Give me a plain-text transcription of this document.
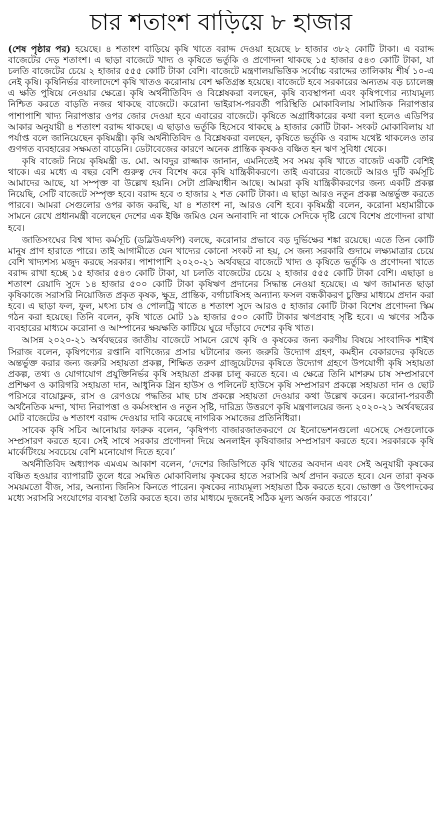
চার শতাংশ বাড়িয়ে ৮ হাজার

(শেষ পৃষ্ঠার পর) হয়েছে। ৪ শতাংশ বাড়িয়ে কৃষি খাতে বরাদ্দ দেওয়া হয়েছে ৮ হাজার ৩৮২ কোটি টাকা। এ বরাদ্দ বাজেটের দেড় শতাংশ। এ ছাড়া বাজেটে খাদ্য ও কৃষিতে ভর্তুকি ও প্রণোদনা থাকছে ১৫ হাজার ৫৪৩ কোটি টাকা, যা চলতি বাজেটের চেয়ে ২ হাজার ৫৫৫ কোটি টাকা বেশি। বাজেটে মন্ত্রণালয়ভিত্তিক সর্বোচ্চ বরাদ্দের তালিকায় শীর্ষ ১০-এ নেই কৃষি। কৃষিনির্ভর বাংলাদেশে কৃষি খাতও করোনায় বেশ ক্ষতিগ্রস্ত হয়েছে। বাজেটে হবে সরকারের অন্যতম বড় চ্যালেঞ্জ এ ক্ষতি পুষিয়ে নেওয়ার ক্ষেত্রে। কৃষি অর্থনীতিবিদ ও বিশ্লেষকরা বলছেন, কৃষি ব্যবস্থাপনা এবং কৃষিপণ্যের ন্যায্যমূল্য নিশ্চিত করতে বাড়তি নজর থাকছে বাজেটে। করোনা ভাইরাস-পরবর্তী পরিস্থিতি মোকাবিলায় সামাজিক নিরাপত্তার পাশাপাশি খাদ্য নিরাপত্তার ওপর জোর দেওয়া হবে এবারের বাজেটে। কৃষিতে অগ্রাধিকারের কথা বলা হলেও এডিপির আকার অনুযায়ী ৪ শতাংশ বরাদ্দ থাকছে। এ ছাড়াও ভর্তুকি হিসেবে থাকছে ৯ হাজার কোটি টাকা- সংকট মোকাবিলায় যা পর্যাপ্ত বলে জানিয়েছেন কৃষিমন্ত্রী। কৃষি অর্থনীতিবিদ ও বিশ্লেষকরা বলছেন, কৃষিতে ভর্তুকি ও বরাদ্দ যথেষ্ট থাকলেও তার গুণগত ব্যবহারের সক্ষমতা বাড়েনি। ডেটাবেজের কারণে অনেক প্রান্তিক কৃষকও বঞ্চিত হন ঋণ সুবিধা থেকে।

কৃষি বাজেট নিয়ে কৃষিমন্ত্রী ড. মো. আবদুর রাজ্জাক জানান, এমনিতেই সব সময় কৃষি খাতে বাজেট একটি বেশিই থাকে। এর মধ্যে এ বছর বেশি গুরুত্ব দেব বিশেষ করে কৃষি যান্ত্রিকীকরণে। তাই এবারের বাজেটে আরও দুটি কর্মসূচি আমাদের আছে, যা সম্পৃক্ত বা উল্লেখ হয়নি। সেটা প্রক্রিয়াধীন আছে। আমরা কৃষি যান্ত্রিকীকরণের জন্য একটি প্রকল্প নিয়েছি, সেটি বাজেটে সম্পৃক্ত হবে। বরাদ্দ হবে ৩ হাজার ২ শত কোটি টাকা। এ ছাড়া আরও নতুন প্রকল্প অন্তর্ভুক্ত করতে পারবে। আমরা সেগুলোর ওপর কাজ করছি, যা ৪ শতাংশ না, আরও বেশি হবে। কৃষিমন্ত্রী বলেন, করোনা মহামারীকে সামনে রেখে প্রধানমন্ত্রী বলেছেন দেশের এক ইঞ্চি জমিও যেন অনাবাদি না থাকে সেদিকে দৃষ্টি রেখে বিশেষ প্রণোদনা রাখা হবে।

জাতিসংঘের বিশ্ব খাদ্য কর্মসূচি (ডব্লিউএফপি) বলছে, করোনার প্রভাবে বড় দুর্ভিক্ষের শঙ্কা রয়েছে। এতে তিন কোটি মানুষ প্রাণ হারাতে পারে। তাই আগামীতে যেন খাদ্যের কোনো সংকট না হয়, সে জন্য সরকারি গুদামে লক্ষ্যমাত্রার চেয়ে বেশি খাদ্যশস্য মজুদ করছে সরকার। পাশাপাশি ২০২০-২১ অর্থবছরে বাজেটে খাদ্য ও কৃষিতে ভর্তুকি ও প্রণোদনা খাতে বরাদ্দ রাখা হচ্ছে ১৫ হাজার ৫৪৩ কোটি টাকা, যা চলতি বাজেটের চেয়ে ২ হাজার ৫৫৫ কোটি টাকা বেশি। এছাড়া ৪ শতাংশ রেয়াদি সুদে ১৪ হাজার ৫০০ কোটি টাকা কৃষিঋণ প্রদানের সিদ্ধান্ত নেওয়া হয়েছে। এ ঋণ জামানত ছাড়া কৃষিকাজে সরাসরি নিয়োজিত প্রকৃত কৃষক, ক্ষুদ্র, প্রান্তিক, বর্গাচাষিসহ অন্যান্য ফসল বন্ধকীকরণ চুক্তির মাধ্যমে প্রদান করা হবে। এ ছাড়া ফল, ফুল, মৎস্য চাষ ও পোলট্রি খাতে ৪ শতাংশ সুদে আরও ৫ হাজার কোটি টাকা বিশেষ প্রণোদনা স্কিম গঠন করা হয়েছে। তিনি বলেন, কৃষি খাতে মোট ১৯ হাজার ৫০০ কোটি টাকার ঋণপ্রবাহ সৃষ্টি হবে। এ ঋণের সঠিক ব্যবহারের মাধ্যমে করোনা ও আম্পানের ক্ষয়ক্ষতি কাটিয়ে ঘুরে দাঁড়াবে দেশের কৃষি খাত।

আসন্ন ২০২০-২১ অর্থবছরের জাতীয় বাজেটে সামনে রেখে কৃষি ও কৃষকের জন্য করণীয় বিষয়ে সাংবাদিক শাইখ সিরাজ বলেন, কৃষিপণ্যের রপ্তানি বাণিজ্যের প্রসার ঘটানোর জন্য জরুরি উদ্যোগ গ্রহণ, কমহীন বেকারদের কৃষিতে অন্তর্ভুক্ত করার জন্য জরুরি সহায়তা প্রকল্প, শিক্ষিত তরুণ গ্রাজুয়েটদের কৃষিতে উদ্যোগ গ্রহণে উপযোগী কৃষি সহায়তা প্রকল্প, তথ্য ও যোগাযোগ প্রযুক্তিনির্ভর কৃষি সহায়তা প্রকল্প চালু করতে হবে। এ ক্ষেত্রে তিনি মাশরুম চাষ সম্প্রসারণে প্রশিক্ষণ ও কারিগরি সহায়তা দান, আধুনিক গ্রিন হাউস ও পলিনেট হাউসে কৃষি সম্প্রসারণ প্রকল্পে সহায়তা দান ও ছোট পরিসরে বায়োফ্লক, রাস ও রেণওয়ে পদ্ধতির মাছ চাষ প্রকল্পে সহায়তা দেওয়ার কথা উল্লেখ করেন। করোনা-পরবর্তী অর্থনৈতিক মন্দা, খাদ্য নিরাপত্তা ও কর্মসংস্থান ও নতুন সৃষ্টি, দারিদ্র্য উত্তরণে কৃষি মন্ত্রণালয়ের জন্য ২০২০-২১ অর্থবছরের মোট বাজেটের ৬ শতাংশ বরাদ্দ দেওয়ার দাবি করেছে নাগরিক সমাজের প্রতিনিধিরা।

সাবেক কৃষি সচিব আনোয়ার ফারুক বলেন, ‘কৃষিপণ্য বাজারজাতকরণে যে ইনোভেশনগুলো এসেছে সেগুলোকে সম্প্রসারণ করতে হবে। সেই সাথে সরকার প্রণোদনা দিয়ে অনলাইন কৃষিবাজার সম্প্রসারণ করতে হবে। সরকারকে কৃষি মার্কেটিংয়ে সবচেয়ে বেশি মনোযোগ দিতে হবে।’

অর্থনীতিবিদ অধ্যাপক এমএম আকাশ বলেন, ‘দেশের জিডিপিতে কৃষি খাতের অবদান এবং সেই অনুযায়ী কৃষকের বঞ্চিত হওয়ার ব্যাপারটি তুলে ধরে সমন্বিত মোকাবিলায় কৃষকের হাতে সরাসরি অর্থ প্রদান করতে হবে। যেন তারা কৃষক সময়মতো বীজ, সার, অন্যান্য জিনিস কিনতে পারেন। কৃষকের ন্যায্যমূল্য সহায়তা ঠিক করতে হবে। ভোক্তা ও উৎপাদকের মধ্যে সরাসরি সংযোগের ব্যবস্থা তৈরি করতে হবে। তার মাধ্যমে দুজনেই সঠিক মূল্য অর্জন করতে পারবে।’
